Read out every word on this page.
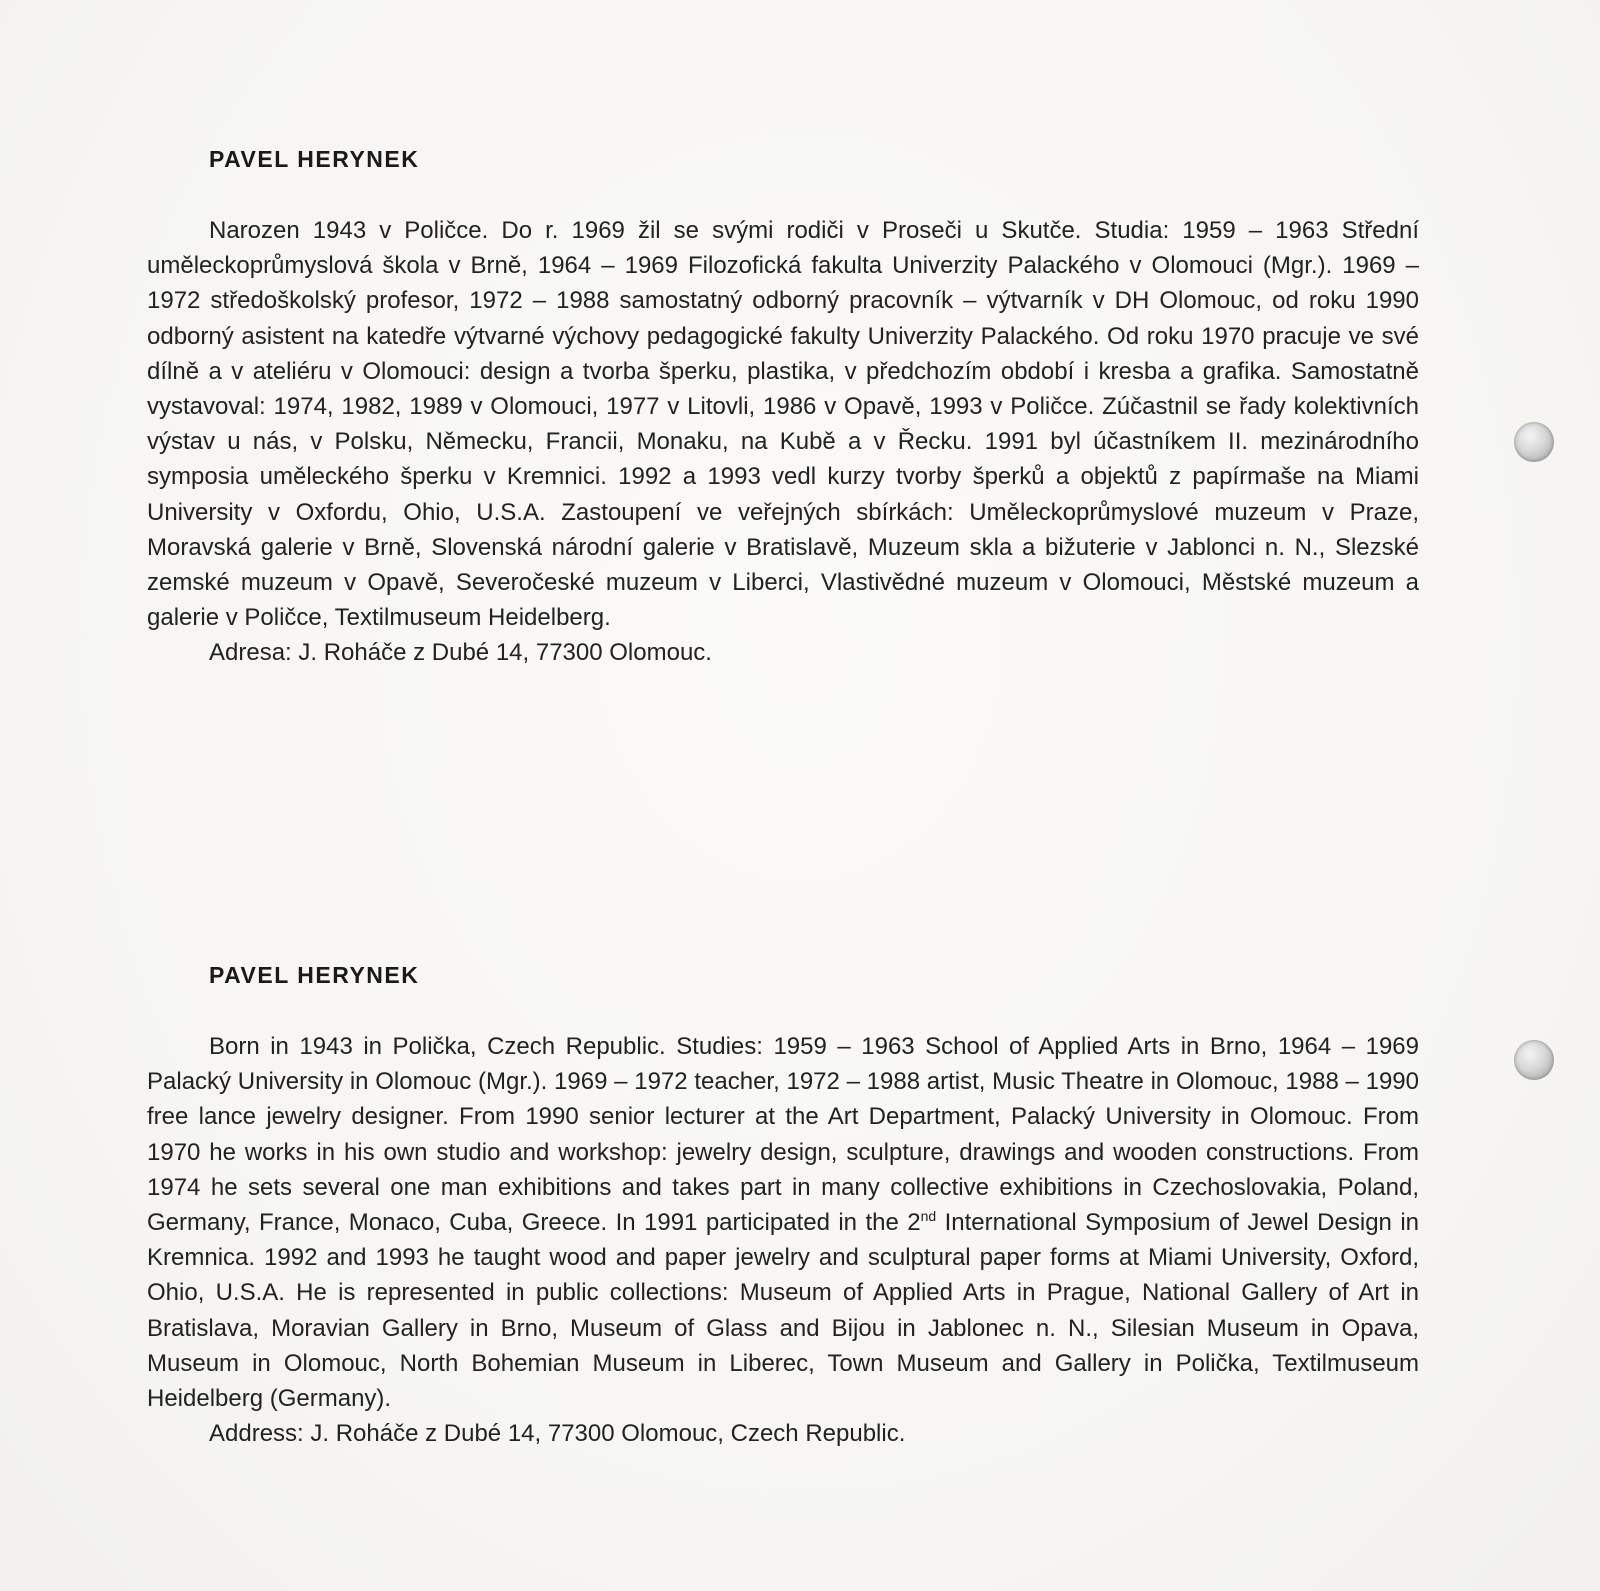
PAVEL HERYNEK

Narozen 1943 v Poličce. Do r. 1969 žil se svými rodiči v Proseči u Skutče. Studia: 1959 – 1963 Střední uměleckoprůmyslová škola v Brně, 1964 – 1969 Filozofická fakulta Univerzity Palackého v Olomouci (Mgr.). 1969 – 1972 středoškolský profesor, 1972 – 1988 samostatný odborný pracovník – výtvarník v DH Olomouc, od roku 1990 odborný asistent na katedře výtvarné výchovy pedagogické fakulty Univerzity Palackého. Od roku 1970 pracuje ve své dílně a v ateliéru v Olomouci: design a tvorba šperku, plastika, v předchozím období i kresba a grafika. Samostatně vystavoval: 1974, 1982, 1989 v Olomouci, 1977 v Litovli, 1986 v Opavě, 1993 v Poličce. Zúčastnil se řady kolektivních výstav u nás, v Polsku, Německu, Francii, Monaku, na Kubě a v Řecku. 1991 byl účastníkem II. mezinárodního symposia uměleckého šperku v Kremnici. 1992 a 1993 vedl kurzy tvorby šperků a objektů z papírmaše na Miami University v Oxfordu, Ohio, U.S.A. Zastoupení ve veřejných sbírkách: Uměleckoprůmyslové muzeum v Praze, Moravská galerie v Brně, Slovenská národní galerie v Bratislavě, Muzeum skla a bižuterie v Jablonci n. N., Slezské zemské muzeum v Opavě, Severočeské muzeum v Liberci, Vlastivědné muzeum v Olomouci, Městské muzeum a galerie v Poličce, Textilmuseum Heidelberg.

Adresa: J. Roháče z Dubé 14, 77300 Olomouc.

PAVEL HERYNEK

Born in 1943 in Polička, Czech Republic. Studies: 1959 – 1963 School of Applied Arts in Brno, 1964 – 1969 Palacký University in Olomouc (Mgr.). 1969 – 1972 teacher, 1972 – 1988 artist, Music Theatre in Olomouc, 1988 – 1990 free lance jewelry designer. From 1990 senior lecturer at the Art Department, Palacký University in Olomouc. From 1970 he works in his own studio and workshop: jewelry design, sculpture, drawings and wooden constructions. From 1974 he sets several one man exhibitions and takes part in many collective exhibitions in Czechoslovakia, Poland, Germany, France, Monaco, Cuba, Greece. In 1991 participated in the 2nd International Symposium of Jewel Design in Kremnica. 1992 and 1993 he taught wood and paper jewelry and sculptural paper forms at Miami University, Oxford, Ohio, U.S.A. He is represented in public collections: Museum of Applied Arts in Prague, National Gallery of Art in Bratislava, Moravian Gallery in Brno, Museum of Glass and Bijou in Jablonec n. N., Silesian Museum in Opava, Museum in Olomouc, North Bohemian Museum in Liberec, Town Museum and Gallery in Polička, Textilmuseum Heidelberg (Germany).

Address: J. Roháče z Dubé 14, 77300 Olomouc, Czech Republic.
